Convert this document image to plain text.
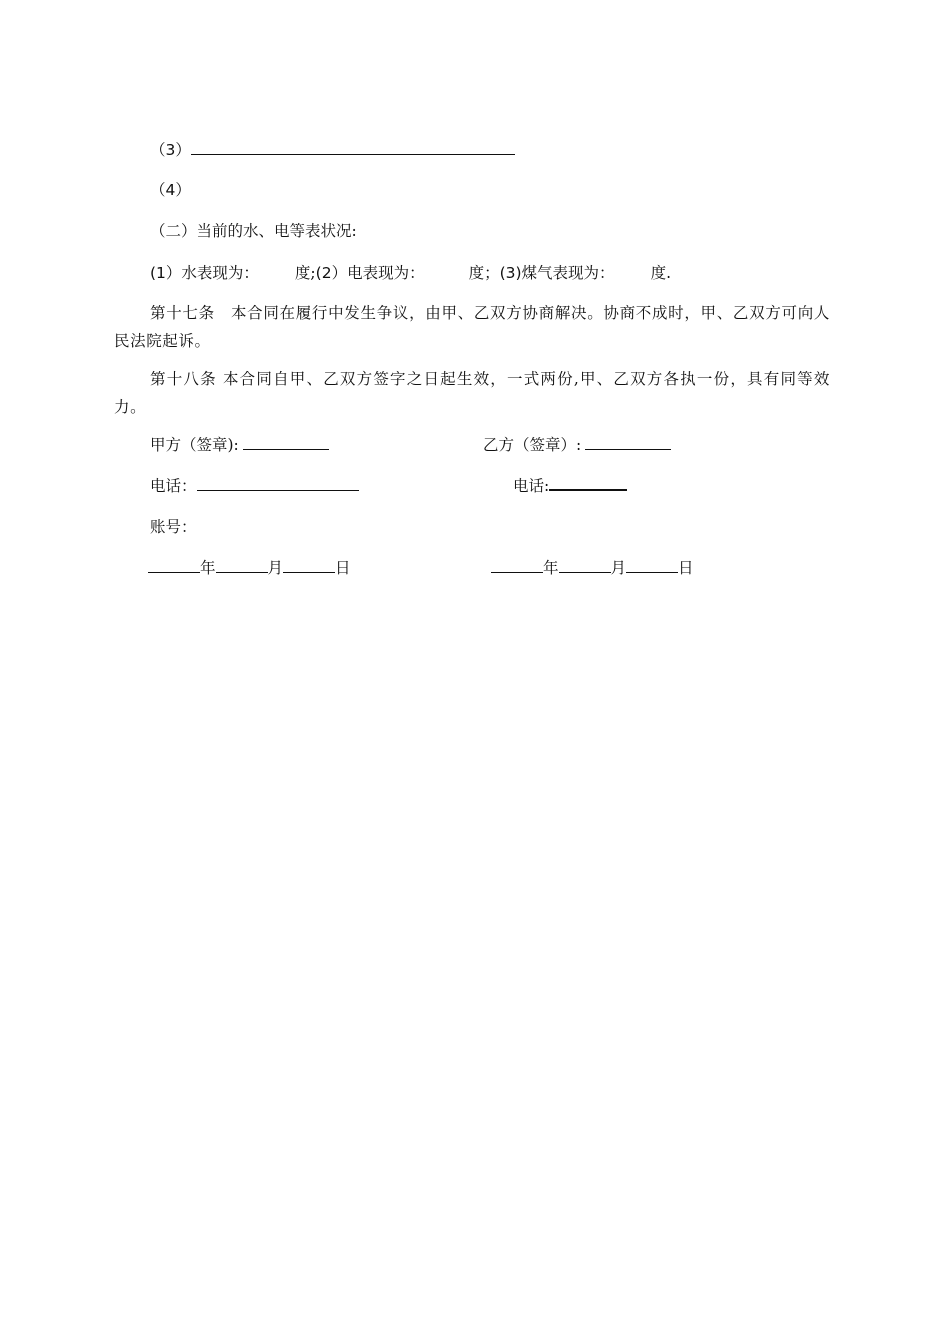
（3）
（4）
（二）当前的水、电等表状况:
(1）水表现为： 度;(2）电表现为：	度；(3)煤气表现为： 度.
第十七条　本合同在履行中发生争议，由甲、乙双方协商解决。协商不成时，甲、乙双方可向人民法院起诉。
第十八条 本合同自甲、乙双方签字之日起生效，一式两份,甲、乙双方各执一份，具有同等效力。
甲方（签章):	乙方（签章）:
电话：	电话:
账号：
年	月	日	年	月	日
